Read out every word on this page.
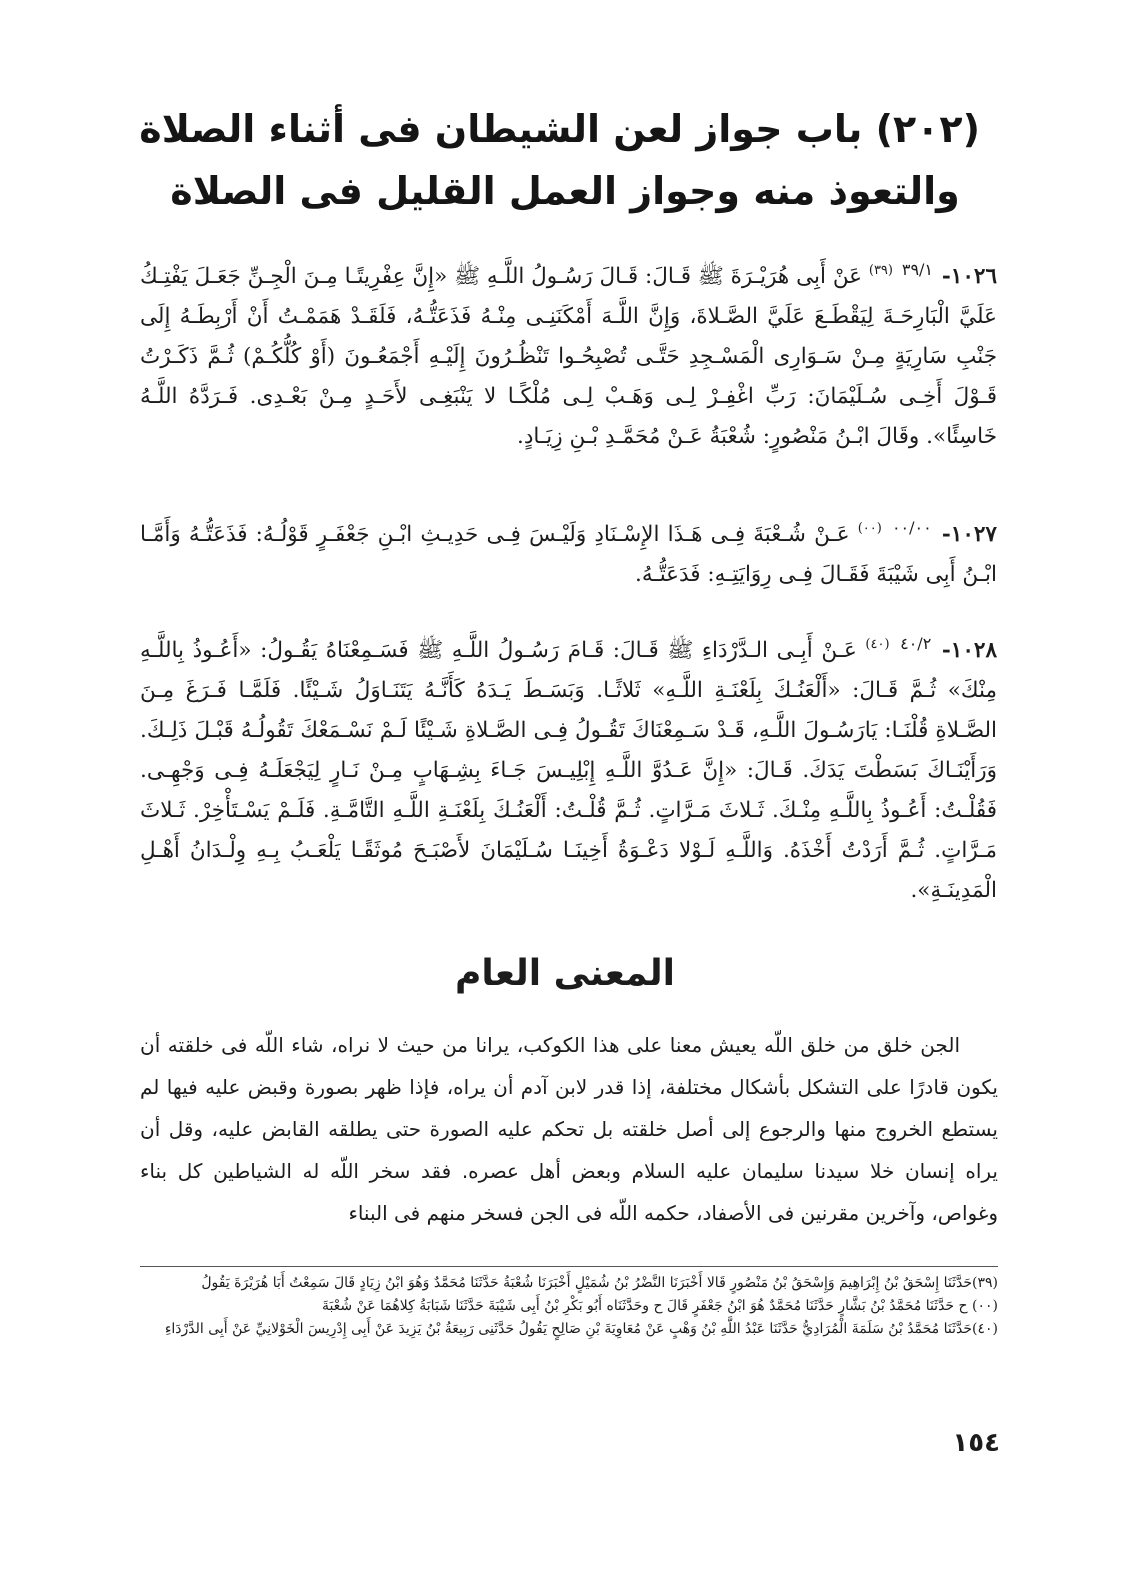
(٢٠٢) باب جواز لعن الشيطان فى أثناء الصلاة
والتعوذ منه وجواز العمل القليل فى الصلاة
١٠٢٦- $^{٣٩/١}$ $^{(٣٩)}$ عَنْ أَبِى هُرَيْـرَةَ ﷺ قَـالَ: قَـالَ رَسُـولُ اللَّـهِ ﷺ «إِنَّ عِفْرِيتًـا مِـنَ الْجِـنِّ جَعَـلَ يَفْتِـكُ عَلَيَّ الْبَارِحَـةَ لِيَقْطَـعَ عَلَيَّ الصَّـلاةَ، وَإِنَّ اللَّـهَ أَمْكَنَنِـى مِنْـهُ فَذَعَتُّـهُ، فَلَقَـدْ هَمَمْـتُ أَنْ أَرْبِطَـهُ إِلَى جَنْبِ سَارِيَةٍ مِـنْ سَـوَارِى الْمَسْـجِدِ حَتَّـى تُصْبِحُـوا تَنْظُـرُونَ إِلَيْـهِ أَجْمَعُـونَ (أَوْ كُلُّكُـمْ) ثُـمَّ ذَكَـرْتُ قَـوْلَ أَخِـى سُـلَيْمَانَ: رَبِّ اغْفِـرْ لِـى وَهَـبْ لِـى مُلْكًـا لا يَنْبَغِـى لأَحَـدٍ مِـنْ بَعْـدِى. فَـرَدَّهُ اللَّـهُ خَاسِئًا». وقَالَ ابْـنُ مَنْصُورٍ: شُعْبَةُ عَـنْ مُحَمَّـدِ بْـنِ زِيَـادٍ.
١٠٢٧- $^{٠٠/٠٠}$ $^{(٠٠)}$ عَـنْ شُـعْبَةَ فِـى هَـذَا الإِسْـنَادِ وَلَيْـسَ فِـى حَدِيـثِ ابْـنِ جَعْفَـرٍ قَوْلُـهُ: فَذَعَتُّـهُ وَأَمَّـا ابْـنُ أَبِى شَيْبَةَ فَقَـالَ فِـى رِوَايَتِـهِ: فَدَعَتُّـهُ.
١٠٢٨- $^{٤٠/٢}$ $^{(٤٠)}$ عَـنْ أَبِـى الـدَّرْدَاءِ ﷺ قَـالَ: قَـامَ رَسُـولُ اللَّـهِ ﷺ فَسَـمِعْنَاهُ يَقُـولُ: «أَعُـوذُ بِاللَّـهِ مِنْكَ» ثُـمَّ قَـالَ: «أَلْعَنُـكَ بِلَعْنَـةِ اللَّـهِ» ثَلاثًـا. وَبَسَـطَ يَـدَهُ كَأَنَّـهُ يَتَنَـاوَلُ شَـيْئًا. فَلَمَّـا فَـرَغَ مِـنَ الصَّـلاةِ قُلْنَـا: يَارَسُـولَ اللَّـهِ، قَـدْ سَـمِعْنَاكَ تَقُـولُ فِـى الصَّـلاةِ شَـيْئًا لَـمْ نَسْـمَعْكَ تَقُولُـهُ قَبْـلَ ذَلِـكَ. وَرَأَيْنَـاكَ بَسَطْتَ يَدَكَ. قَـالَ: «إِنَّ عَـدُوَّ اللَّـهِ إِبْلِيـسَ جَـاءَ بِشِـهَابٍ مِـنْ نَـارٍ لِيَجْعَلَـهُ فِـى وَجْهِـى. فَقُلْـتُ: أَعُـوذُ بِاللَّـهِ مِنْـكَ. ثَـلاثَ مَـرَّاتٍ. ثُـمَّ قُلْـتُ: أَلْعَنُـكَ بِلَعْنَـةِ اللَّـهِ التَّامَّـةِ. فَلَـمْ يَسْـتَأْخِرْ. ثَـلاثَ مَـرَّاتٍ. ثُـمَّ أَرَدْتُ أَخْذَهُ. وَاللَّـهِ لَـوْلا دَعْـوَةُ أَخِينَـا سُـلَيْمَانَ لأَصْبَـحَ مُوثَقًـا يَلْعَـبُ بِـهِ وِلْـدَانُ أَهْـلِ الْمَدِينَـةِ».
المعنى العام
الجن خلق من خلق اللّه يعيش معنا على هذا الكوكب، يرانا من حيث لا نراه، شاء اللّه فى خلقته أن يكون قادرًا على التشكل بأشكال مختلفة، إذا قدر لابن آدم أن يراه، فإذا ظهر بصورة وقبض عليه فيها لم يستطع الخروج منها والرجوع إلى أصل خلقته بل تحكم عليه الصورة حتى يطلقه القابض عليه، وقل أن يراه إنسان خلا سيدنا سليمان عليه السلام وبعض أهل عصره. فقد سخر اللّه له الشياطين كل بناء وغواص، وآخرين مقرنين فى الأصفاد، حكمه اللّه فى الجن فسخر منهم فى البناء

(٣٩)حَدَّثَنَا إِسْحَقُ بْنُ إِبْرَاهِيمَ وَإِسْحَقُ بْنُ مَنْصُورٍ قَالا أَخْبَرَنَا النَّضْرُ بْنُ شُمَيْلٍ أَخْبَرَنَا شُعْبَةُ حَدَّثَنَا مُحَمَّدٌ وَهُوَ ابْنُ زِيَادٍ قَالَ سَمِعْتُ أَبَا هُرَيْرَةَ يَقُولُ

(٠٠) ح حَدَّثَنَا مُحَمَّدُ بْنُ بَشَّارٍ حَدَّثَنَا مُحَمَّدٌ هُوَ ابْنُ جَعْفَرٍ قَالَ ح وحَدَّثَنَاه أَبُو بَكْرِ بْنُ أَبِى شَيْبَةَ حَدَّثَنَا شَبَابَةُ كِلاهُمَا عَنْ شُعْبَةَ

(٤٠)حَدَّثَنَا مُحَمَّدُ بْنُ سَلَمَةَ الْمُرَادِيُّ حَدَّثَنَا عَبْدُ اللَّهِ بْنُ وَهْبٍ عَنْ مُعَاوِيَةَ بْنِ صَالِحٍ يَقُولُ حَدَّثَنِى رَبِيعَةُ بْنُ يَزِيدَ عَنْ أَبِى إِدْرِيسَ الْخَوْلانِيِّ عَنْ أَبِى الدَّرْدَاءِ

١٥٤
